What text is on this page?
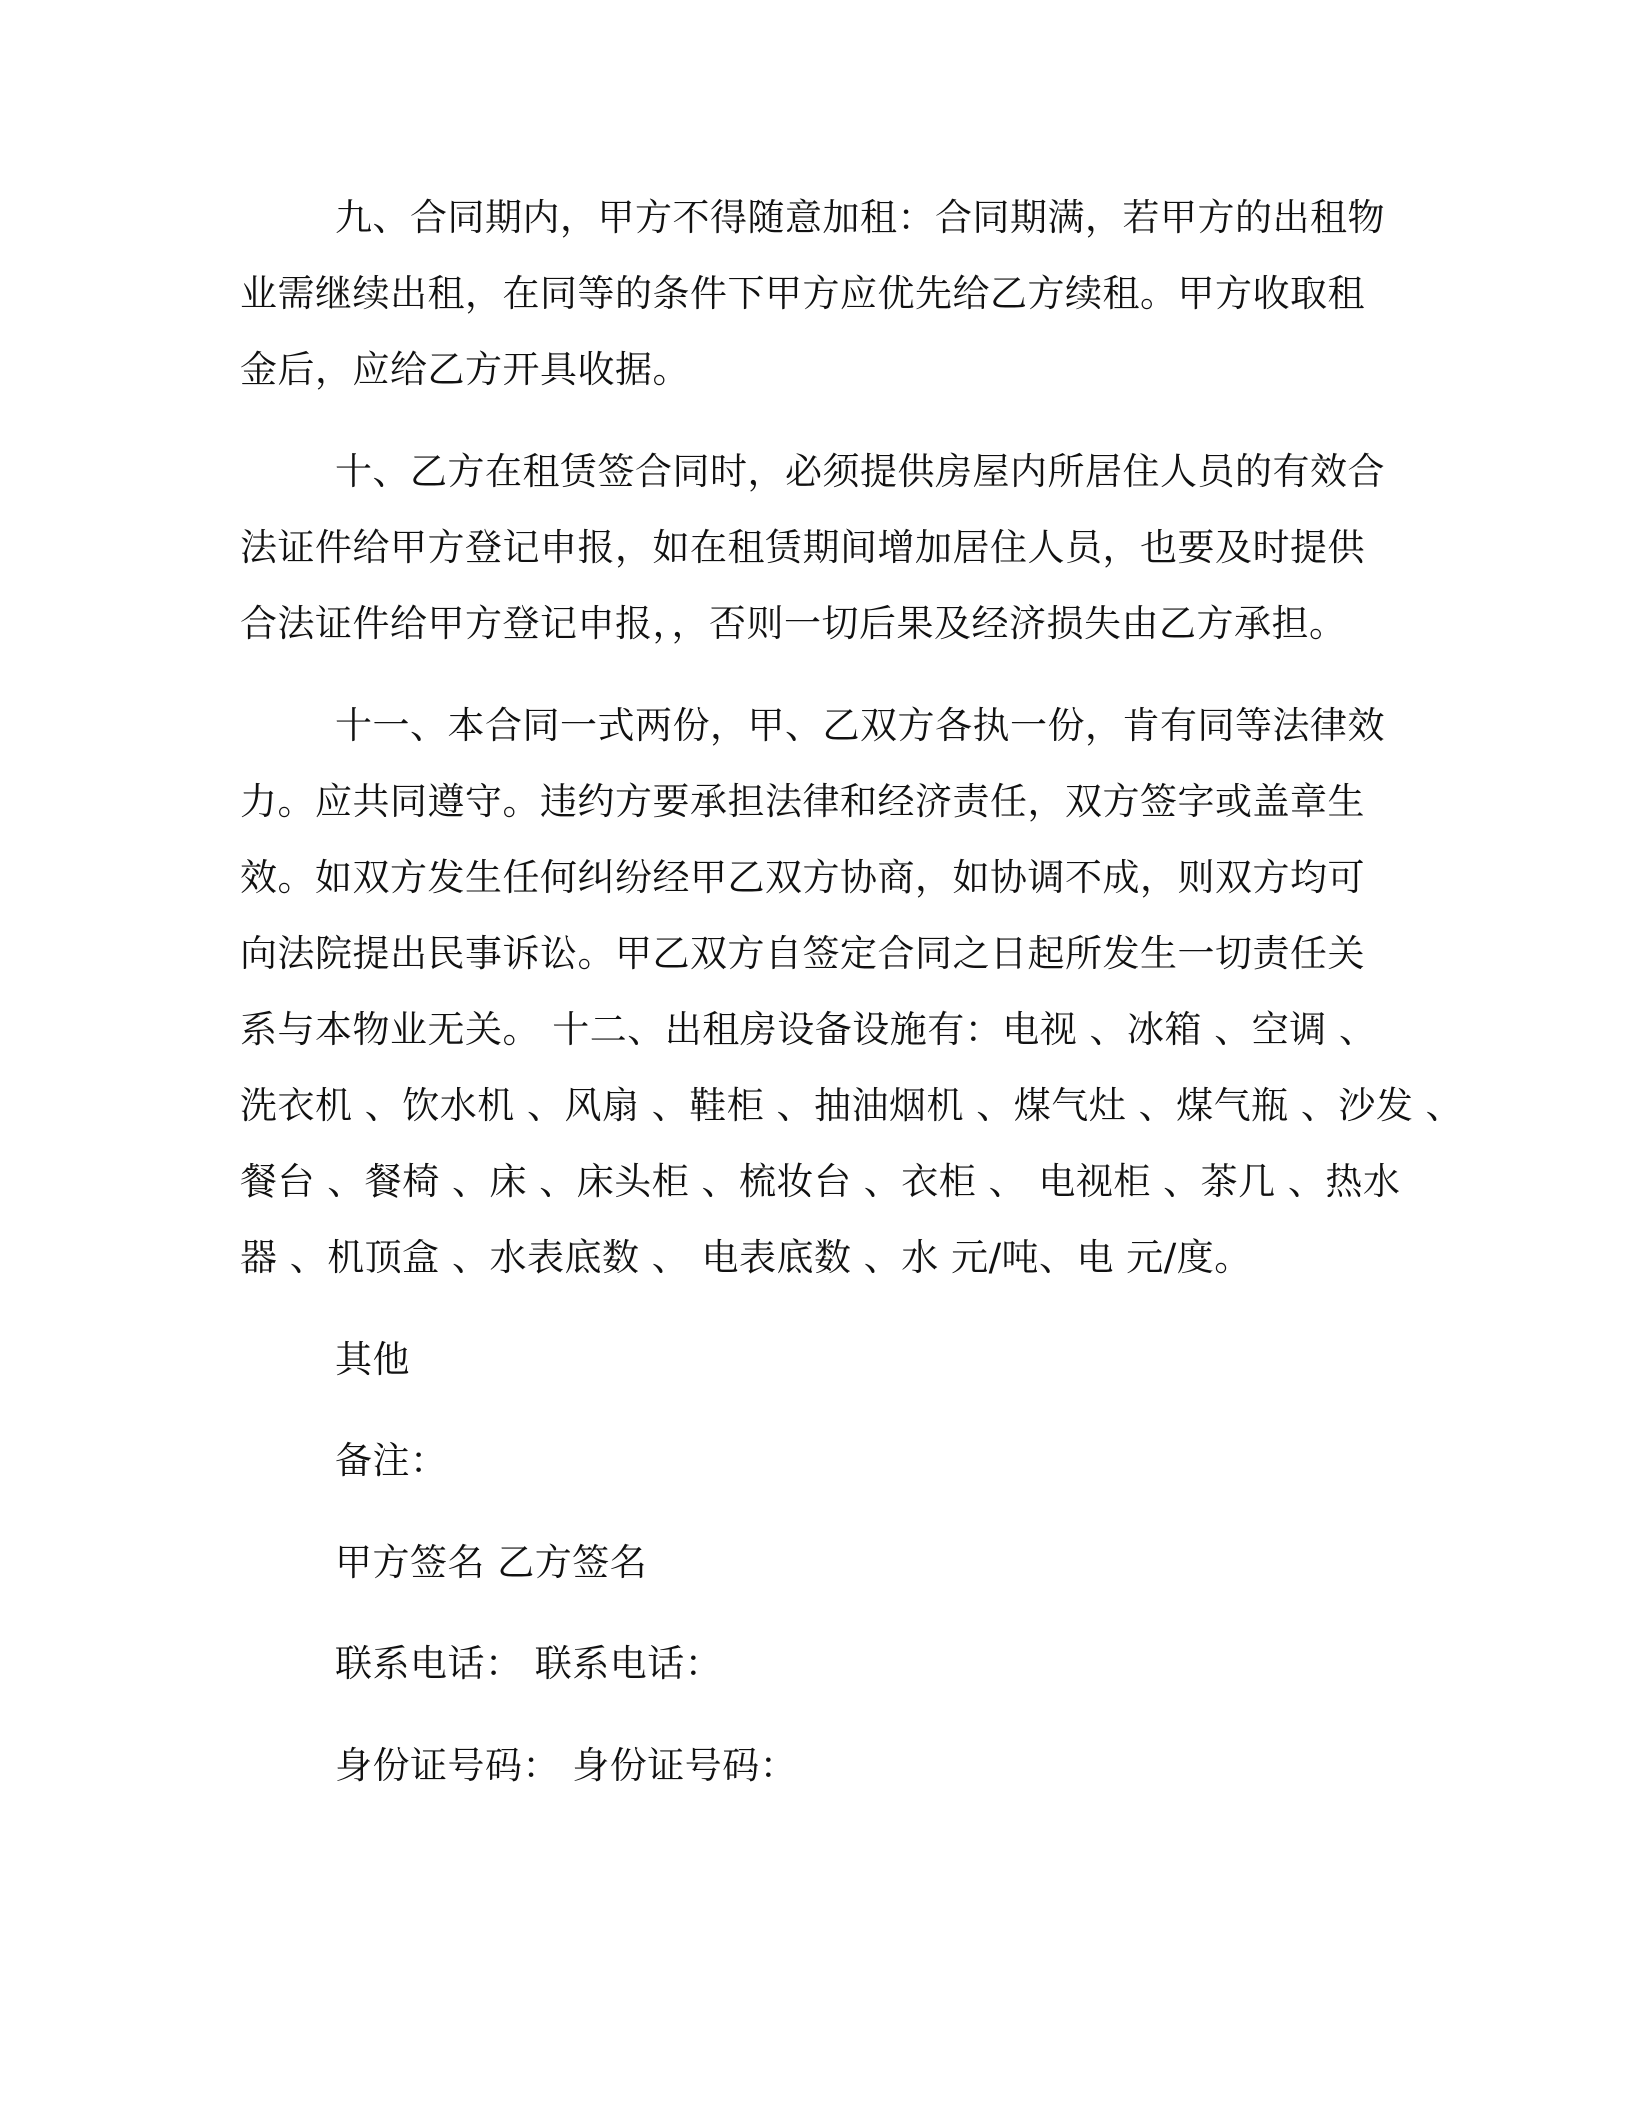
九、合同期内，甲方不得随意加租：合同期满，若甲方的出租物
业需继续出租，在同等的条件下甲方应优先给乙方续租。甲方收取租
金后，应给乙方开具收据。
十、乙方在租赁签合同时，必须提供房屋内所居住人员的有效合
法证件给甲方登记申报，如在租赁期间增加居住人员，也要及时提供
合法证件给甲方登记申报，，否则一切后果及经济损失由乙方承担。
十一、本合同一式两份，甲、乙双方各执一份，肯有同等法律效
力。应共同遵守。违约方要承担法律和经济责任，双方签字或盖章生
效。如双方发生任何纠纷经甲乙双方协商，如协调不成，则双方均可
向法院提出民事诉讼。甲乙双方自签定合同之日起所发生一切责任关
系与本物业无关。 十二、出租房设备设施有：电视 、冰箱 、空调 、
洗衣机 、饮水机 、风扇 、鞋柜 、抽油烟机 、煤气灶 、煤气瓶 、沙发 、
餐台 、餐椅 、床 、床头柜 、梳妆台 、衣柜 、 电视柜 、茶几 、热水
器 、机顶盒 、水表底数 、 电表底数 、水 元/吨、电 元/度。
其他
备注：
甲方签名 乙方签名
联系电话： 联系电话：
身份证号码： 身份证号码：
